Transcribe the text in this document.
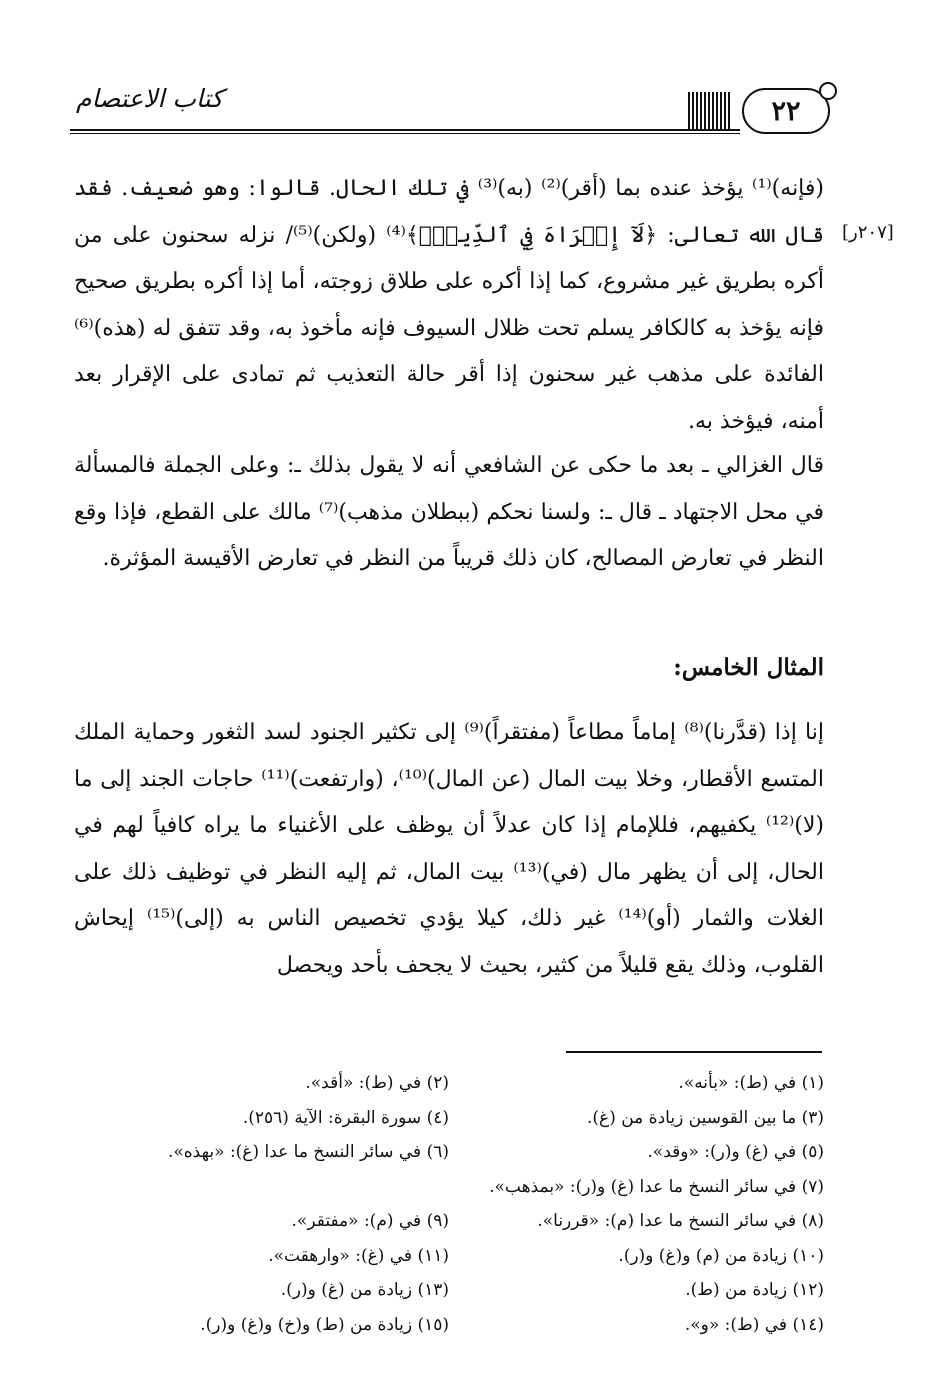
كتاب الاعتصام	٢٢
[٢٠٧ر]
(فإنه)⁽¹⁾ يؤخذ عنده بما (أقر)⁽²⁾ (به)⁽³⁾ في تلك الحال. قالوا: وهو ضعيف. فقد قال الله تعالى: ﴿لَآ إِكۡرَاهَ فِي ٱلدِّينِۖ﴾⁽⁴⁾ (ولكن)⁽⁵⁾/ نزله سحنون على من أكره بطريق غير مشروع، كما إذا أكره على طلاق زوجته، أما إذا أكره بطريق صحيح فإنه يؤخذ به كالكافر يسلم تحت ظلال السيوف فإنه مأخوذ به، وقد تتفق له (هذه)⁽⁶⁾ الفائدة على مذهب غير سحنون إذا أقر حالة التعذيب ثم تمادى على الإقرار بعد أمنه، فيؤخذ به.
قال الغزالي ـ بعد ما حكى عن الشافعي أنه لا يقول بذلك ـ: وعلى الجملة فالمسألة في محل الاجتهاد ـ قال ـ: ولسنا نحكم (ببطلان مذهب)⁽⁷⁾ مالك على القطع، فإذا وقع النظر في تعارض المصالح، كان ذلك قريباً من النظر في تعارض الأقيسة المؤثرة.
المثال الخامس:
إنا إذا (قدَّرنا)⁽⁸⁾ إماماً مطاعاً (مفتقراً)⁽⁹⁾ إلى تكثير الجنود لسد الثغور وحماية الملك المتسع الأقطار، وخلا بيت المال (عن المال)⁽¹⁰⁾، (وارتفعت)⁽¹¹⁾ حاجات الجند إلى ما (لا)⁽¹²⁾ يكفيهم، فللإمام إذا كان عدلاً أن يوظف على الأغنياء ما يراه كافياً لهم في الحال، إلى أن يظهر مال (في)⁽¹³⁾ بيت المال، ثم إليه النظر في توظيف ذلك على الغلات والثمار (أو)⁽¹⁴⁾ غير ذلك، كيلا يؤدي تخصيص الناس به (إلى)⁽¹⁵⁾ إيحاش القلوب، وذلك يقع قليلاً من كثير، بحيث لا يجحف بأحد ويحصل
(١) في (ط): «بأنه».
(٢) في (ط): «أقد».
(٣) ما بين القوسين زيادة من (غ).
(٤) سورة البقرة: الآية (٢٥٦).
(٥) في (غ) و(ر): «وقد».
(٦) في سائر النسخ ما عدا (غ): «بهذه».
(٧) في سائر النسخ ما عدا (غ) و(ر): «بمذهب».
(٨) في سائر النسخ ما عدا (م): «قررنا».
(٩) في (م): «مفتقر».
(١٠) زيادة من (م) و(غ) و(ر).
(١١) في (غ): «وارهقت».
(١٢) زيادة من (ط).
(١٣) زيادة من (غ) و(ر).
(١٤) في (ط): «و».
(١٥) زيادة من (ط) و(خ) و(غ) و(ر).
